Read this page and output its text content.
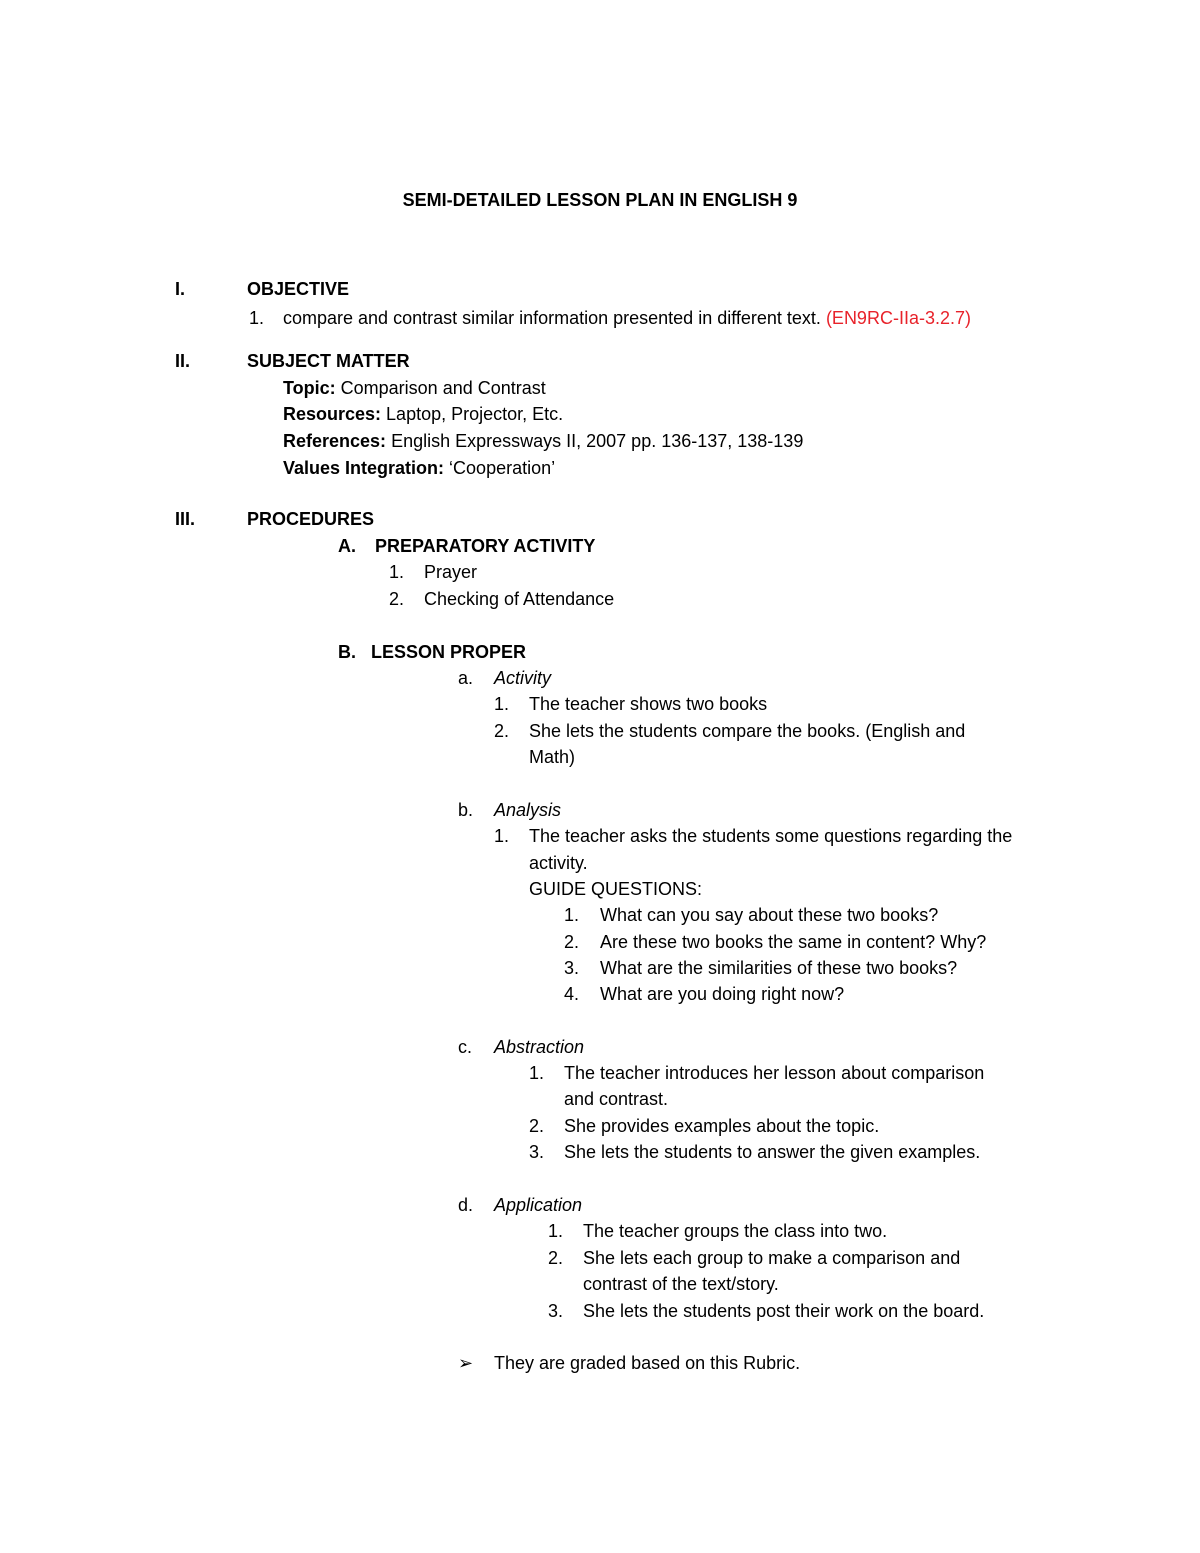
SEMI-DETAILED LESSON PLAN IN ENGLISH 9
I.	OBJECTIVE
1. compare and contrast similar information presented in different text. (EN9RC-IIa-3.2.7)
II.	SUBJECT MATTER
Topic: Comparison and Contrast
Resources: Laptop, Projector, Etc.
References: English Expressways II, 2007 pp. 136-137, 138-139
Values Integration: ‘Cooperation’
III.	PROCEDURES
A. PREPARATORY ACTIVITY
1. Prayer
2. Checking of Attendance
B. LESSON PROPER
a. Activity
1. The teacher shows two books
2. She lets the students compare the books. (English and
Math)
b. Analysis
1. The teacher asks the students some questions regarding the
activity.
GUIDE QUESTIONS:
1. What can you say about these two books?
2. Are these two books the same in content? Why?
3. What are the similarities of these two books?
4. What are you doing right now?
c. Abstraction
1. The teacher introduces her lesson about comparison
and contrast.
2. She provides examples about the topic.
3. She lets the students to answer the given examples.
d. Application
1. The teacher groups the class into two.
2. She lets each group to make a comparison and
contrast of the text/story.
3. She lets the students post their work on the board.
➢ They are graded based on this Rubric.
